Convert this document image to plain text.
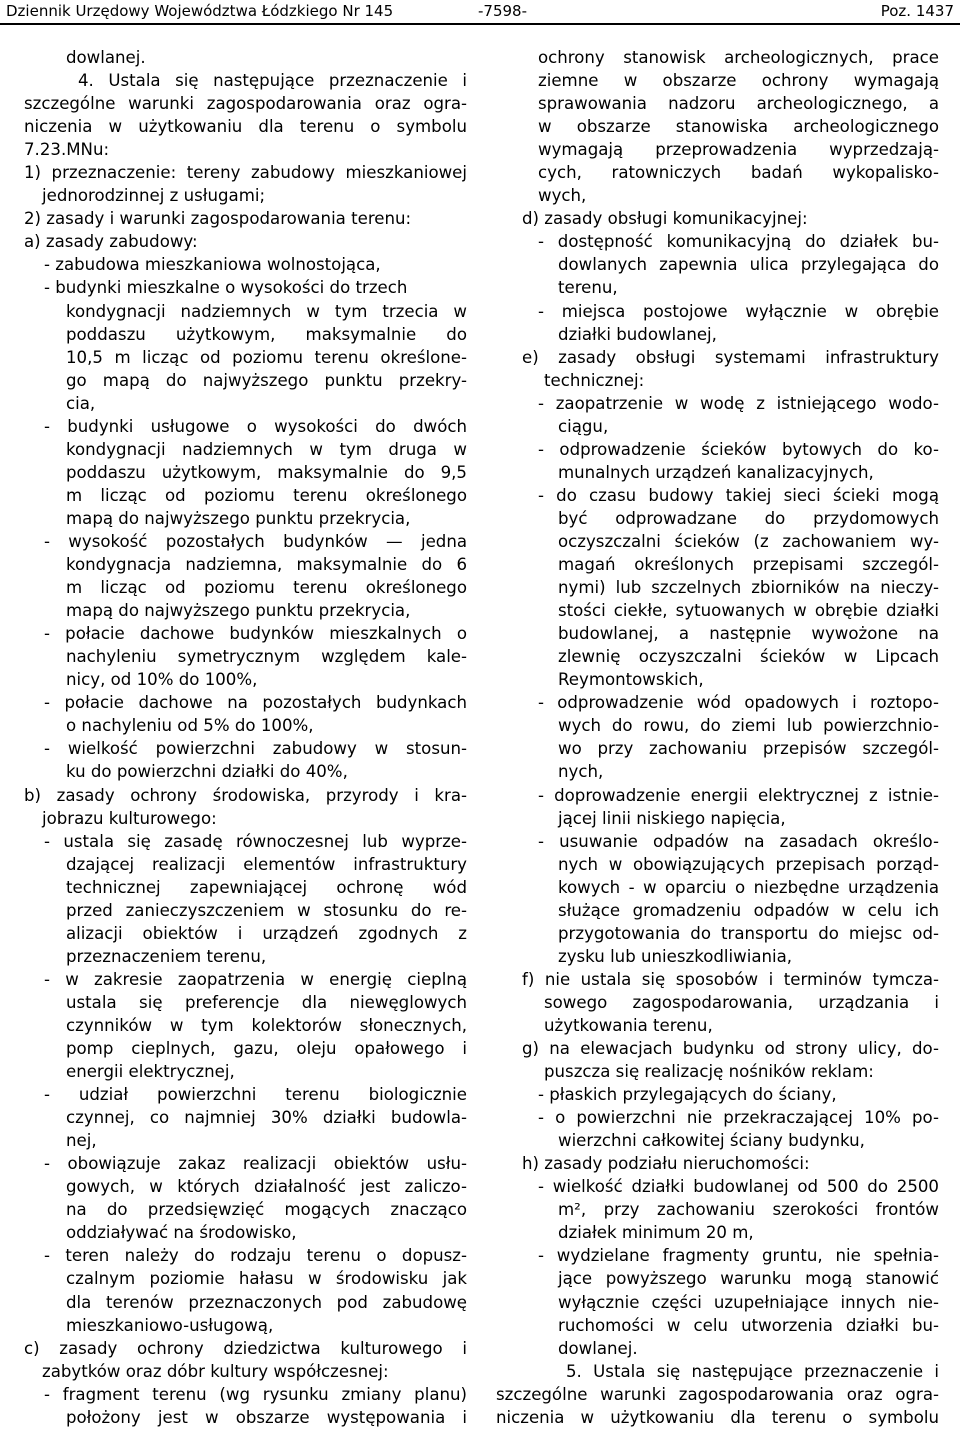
Dziennik Urzędowy Województwa Łódzkiego Nr 145	-7598-	Poz. 1437
dowlanej.
4. Ustala się następujące przeznaczenie i
szczególne warunki zagospodarowania oraz ogra-
niczenia w użytkowaniu dla terenu o symbolu
7.23.MNu:
1) przeznaczenie: tereny zabudowy mieszkaniowej
jednorodzinnej z usługami;
2) zasady i warunki zagospodarowania terenu:
a) zasady zabudowy:
- zabudowa mieszkaniowa wolnostojąca,
- budynki mieszkalne o wysokości do trzech
kondygnacji nadziemnych w tym trzecia w
poddaszu użytkowym, maksymalnie do
10,5 m licząc od poziomu terenu określone-
go mapą do najwyższego punktu przekry-
cia,
- budynki usługowe o wysokości do dwóch
kondygnacji nadziemnych w tym druga w
poddaszu użytkowym, maksymalnie do 9,5
m licząc od poziomu terenu określonego
mapą do najwyższego punktu przekrycia,
- wysokość pozostałych budynków — jedna
kondygnacja nadziemna, maksymalnie do 6
m licząc od poziomu terenu określonego
mapą do najwyższego punktu przekrycia,
- połacie dachowe budynków mieszkalnych o
nachyleniu symetrycznym względem kale-
nicy, od 10% do 100%,
- połacie dachowe na pozostałych budynkach
o nachyleniu od 5% do 100%,
- wielkość powierzchni zabudowy w stosun-
ku do powierzchni działki do 40%,
b) zasady ochrony środowiska, przyrody i kra-
jobrazu kulturowego:
- ustala się zasadę równoczesnej lub wyprze-
dzającej realizacji elementów infrastruktury
technicznej zapewniającej ochronę wód
przed zanieczyszczeniem w stosunku do re-
alizacji obiektów i urządzeń zgodnych z
przeznaczeniem terenu,
- w zakresie zaopatrzenia w energię cieplną
ustala się preferencje dla niewęglowych
czynników w tym kolektorów słonecznych,
pomp cieplnych, gazu, oleju opałowego i
energii elektrycznej,
- udział powierzchni terenu biologicznie
czynnej, co najmniej 30% działki budowla-
nej,
- obowiązuje zakaz realizacji obiektów usłu-
gowych, w których działalność jest zaliczo-
na do przedsięwzięć mogących znacząco
oddziaływać na środowisko,
- teren należy do rodzaju terenu o dopusz-
czalnym poziomie hałasu w środowisku jak
dla terenów przeznaczonych pod zabudowę
mieszkaniowo-usługową,
c) zasady ochrony dziedzictwa kulturowego i
zabytków oraz dóbr kultury współczesnej:
- fragment terenu (wg rysunku zmiany planu)
położony jest w obszarze występowania i
ochrony stanowisk archeologicznych, prace
ziemne w obszarze ochrony wymagają
sprawowania nadzoru archeologicznego, a
w obszarze stanowiska archeologicznego
wymagają przeprowadzenia wyprzedzają-
cych, ratowniczych badań wykopalisko-
wych,
d) zasady obsługi komunikacyjnej:
- dostępność komunikacyjną do działek bu-
dowlanych zapewnia ulica przylegająca do
terenu,
- miejsca postojowe wyłącznie w obrębie
działki budowlanej,
e) zasady obsługi systemami infrastruktury
technicznej:
- zaopatrzenie w wodę z istniejącego wodo-
ciągu,
- odprowadzenie ścieków bytowych do ko-
munalnych urządzeń kanalizacyjnych,
- do czasu budowy takiej sieci ścieki mogą
być odprowadzane do przydomowych
oczyszczalni ścieków (z zachowaniem wy-
magań określonych przepisami szczegól-
nymi) lub szczelnych zbiorników na nieczy-
stości ciekłe, sytuowanych w obrębie działki
budowlanej, a następnie wywożone na
zlewnię oczyszczalni ścieków w Lipcach
Reymontowskich,
- odprowadzenie wód opadowych i roztopo-
wych do rowu, do ziemi lub powierzchnio-
wo przy zachowaniu przepisów szczegól-
nych,
- doprowadzenie energii elektrycznej z istnie-
jącej linii niskiego napięcia,
- usuwanie odpadów na zasadach określo-
nych w obowiązujących przepisach porząd-
kowych - w oparciu o niezbędne urządzenia
służące gromadzeniu odpadów w celu ich
przygotowania do transportu do miejsc od-
zysku lub unieszkodliwiania,
f) nie ustala się sposobów i terminów tymcza-
sowego zagospodarowania, urządzania i
użytkowania terenu,
g) na elewacjach budynku od strony ulicy, do-
puszcza się realizację nośników reklam:
- płaskich przylegających do ściany,
- o powierzchni nie przekraczającej 10% po-
wierzchni całkowitej ściany budynku,
h) zasady podziału nieruchomości:
- wielkość działki budowlanej od 500 do 2500
m², przy zachowaniu szerokości frontów
działek minimum 20 m,
- wydzielane fragmenty gruntu, nie spełnia-
jące powyższego warunku mogą stanowić
wyłącznie części uzupełniające innych nie-
ruchomości w celu utworzenia działki bu-
dowlanej.
5. Ustala się następujące przeznaczenie i
szczególne warunki zagospodarowania oraz ogra-
niczenia w użytkowaniu dla terenu o symbolu
